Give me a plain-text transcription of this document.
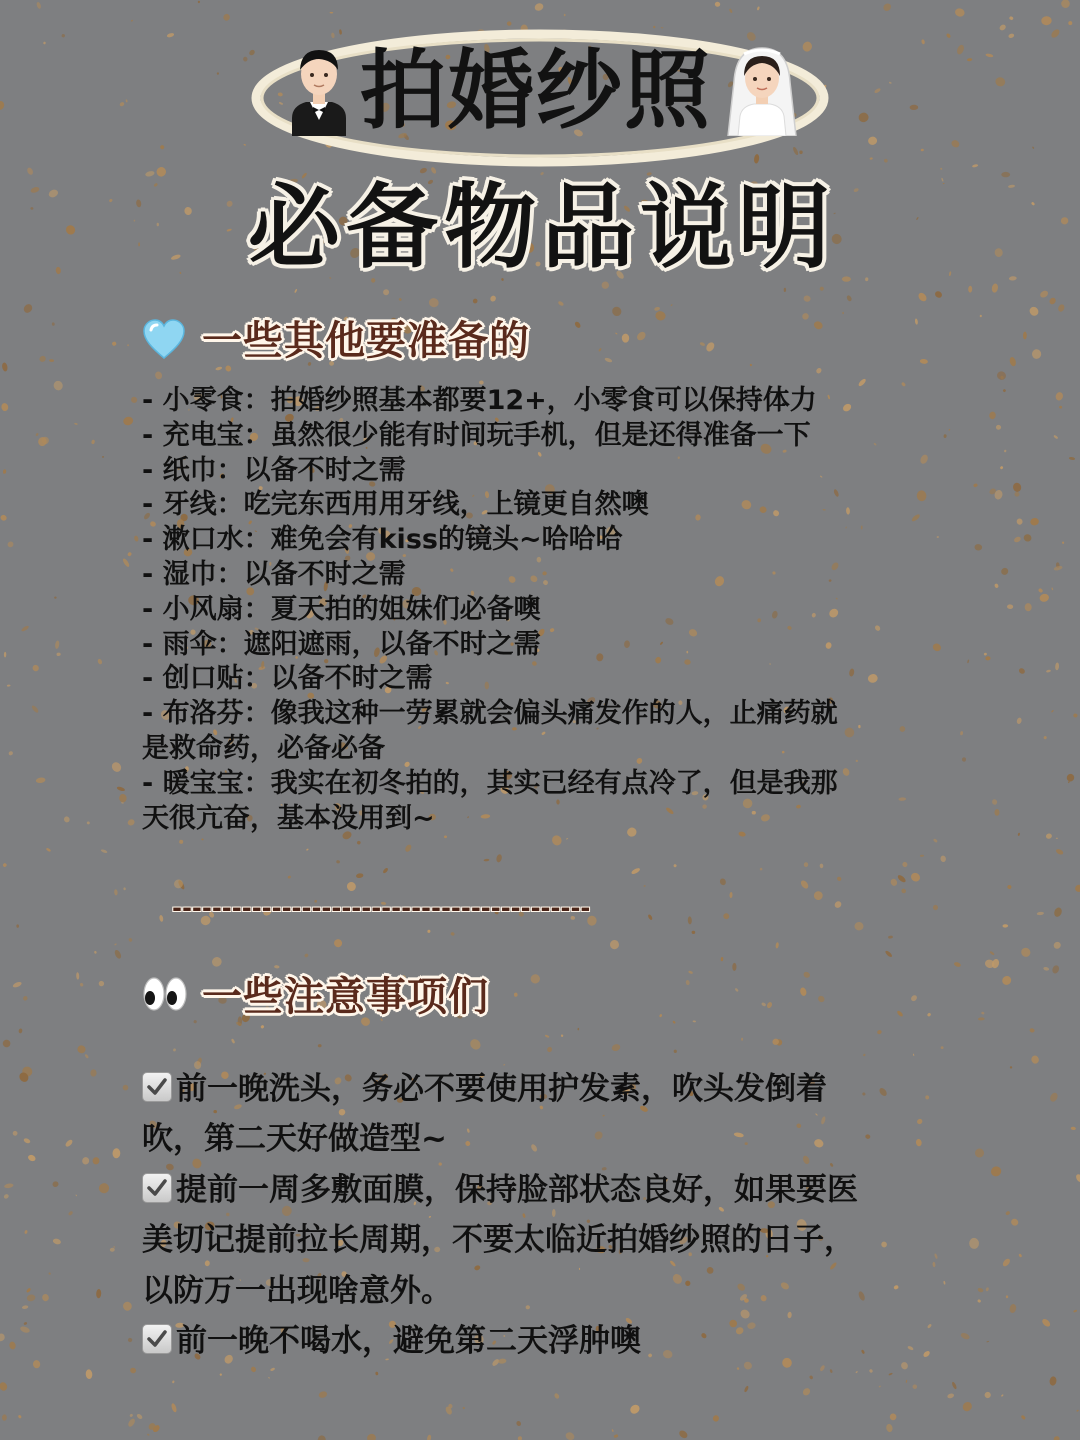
拍婚纱照
必备物品说明
一些其他要准备的
- 小零食：拍婚纱照基本都要12+，小零食可以保持体力
- 充电宝：虽然很少能有时间玩手机，但是还得准备一下
- 纸巾：以备不时之需
- 牙线：吃完东西用用牙线，上镜更自然噢
- 漱口水：难免会有kiss的镜头~哈哈哈
- 湿巾：以备不时之需
- 小风扇：夏天拍的姐妹们必备噢
- 雨伞：遮阳遮雨，以备不时之需
- 创口贴：以备不时之需
- 布洛芬：像我这种一劳累就会偏头痛发作的人，止痛药就
是救命药，必备必备
- 暖宝宝：我实在初冬拍的，其实已经有点冷了，但是我那
天很亢奋，基本没用到~
------------------------------------------
一些注意事项们
前一晚洗头，务必不要使用护发素，吹头发倒着
吹，第二天好做造型~
提前一周多敷面膜，保持脸部状态良好，如果要医
美切记提前拉长周期，不要太临近拍婚纱照的日子，
以防万一出现啥意外。
前一晚不喝水，避免第二天浮肿噢
